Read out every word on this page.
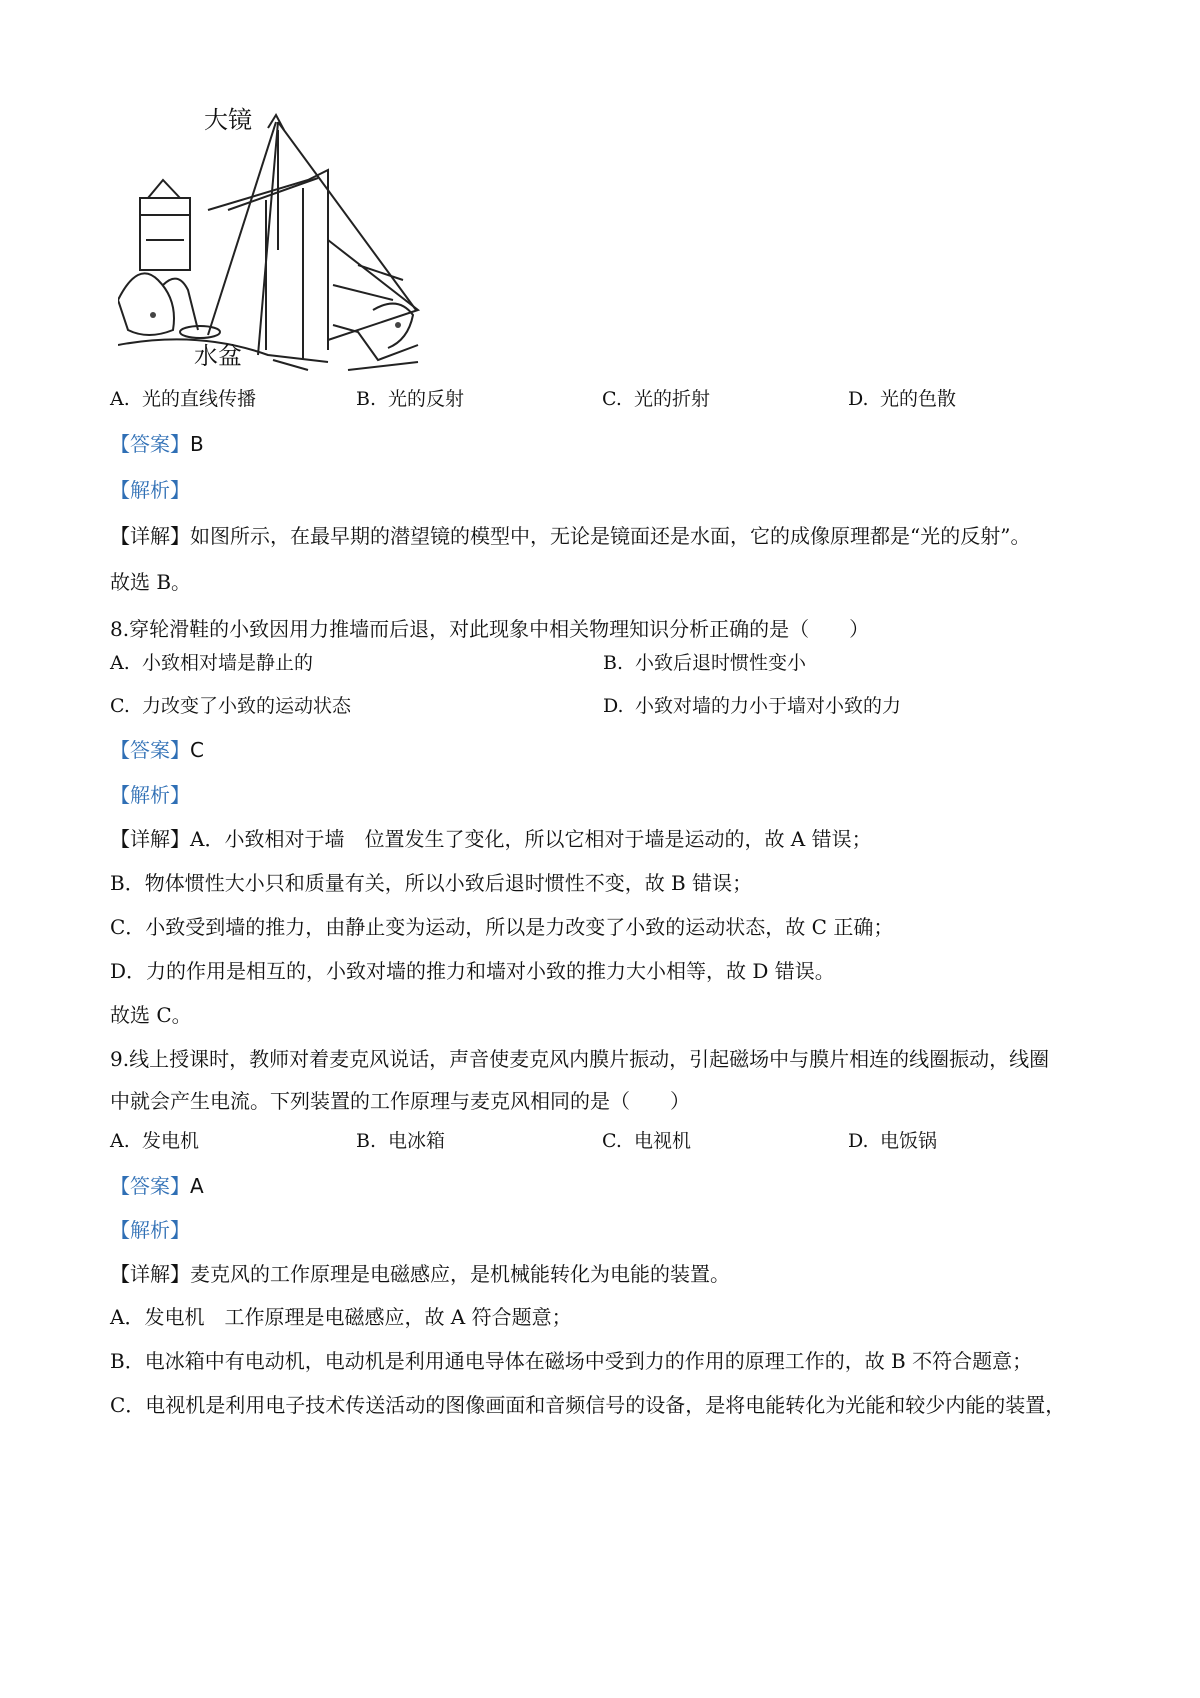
大镜
水盆
A. 光的直线传播	B. 光的反射	C. 光的折射	D. 光的色散
【答案】B
【解析】
【详解】如图所示，在最早期的潜望镜的模型中，无论是镜面还是水面，它的成像原理都是“光的反射”。
故选 B。
8.穿轮滑鞋的小致因用力推墙而后退，对此现象中相关物理知识分析正确的是（　　）
A. 小致相对墙是静止的	B. 小致后退时惯性变小
C. 力改变了小致的运动状态	D. 小致对墙的力小于墙对小致的力
【答案】C
【解析】
【详解】A．小致相对于墙　位置发生了变化，所以它相对于墙是运动的，故 A 错误；
B．物体惯性大小只和质量有关，所以小致后退时惯性不变，故 B 错误；
C．小致受到墙的推力，由静止变为运动，所以是力改变了小致的运动状态，故 C 正确；
D．力的作用是相互的，小致对墙的推力和墙对小致的推力大小相等，故 D 错误。
故选 C。
9.线上授课时，教师对着麦克风说话，声音使麦克风内膜片振动，引起磁场中与膜片相连的线圈振动，线圈
中就会产生电流。下列装置的工作原理与麦克风相同的是（　　）
A. 发电机	B. 电冰箱	C. 电视机	D. 电饭锅
【答案】A
【解析】
【详解】麦克风的工作原理是电磁感应，是机械能转化为电能的装置。
A．发电机　工作原理是电磁感应，故 A 符合题意；
B．电冰箱中有电动机，电动机是利用通电导体在磁场中受到力的作用的原理工作的，故 B 不符合题意；
C．电视机是利用电子技术传送活动的图像画面和音频信号的设备，是将电能转化为光能和较少内能的装置，
